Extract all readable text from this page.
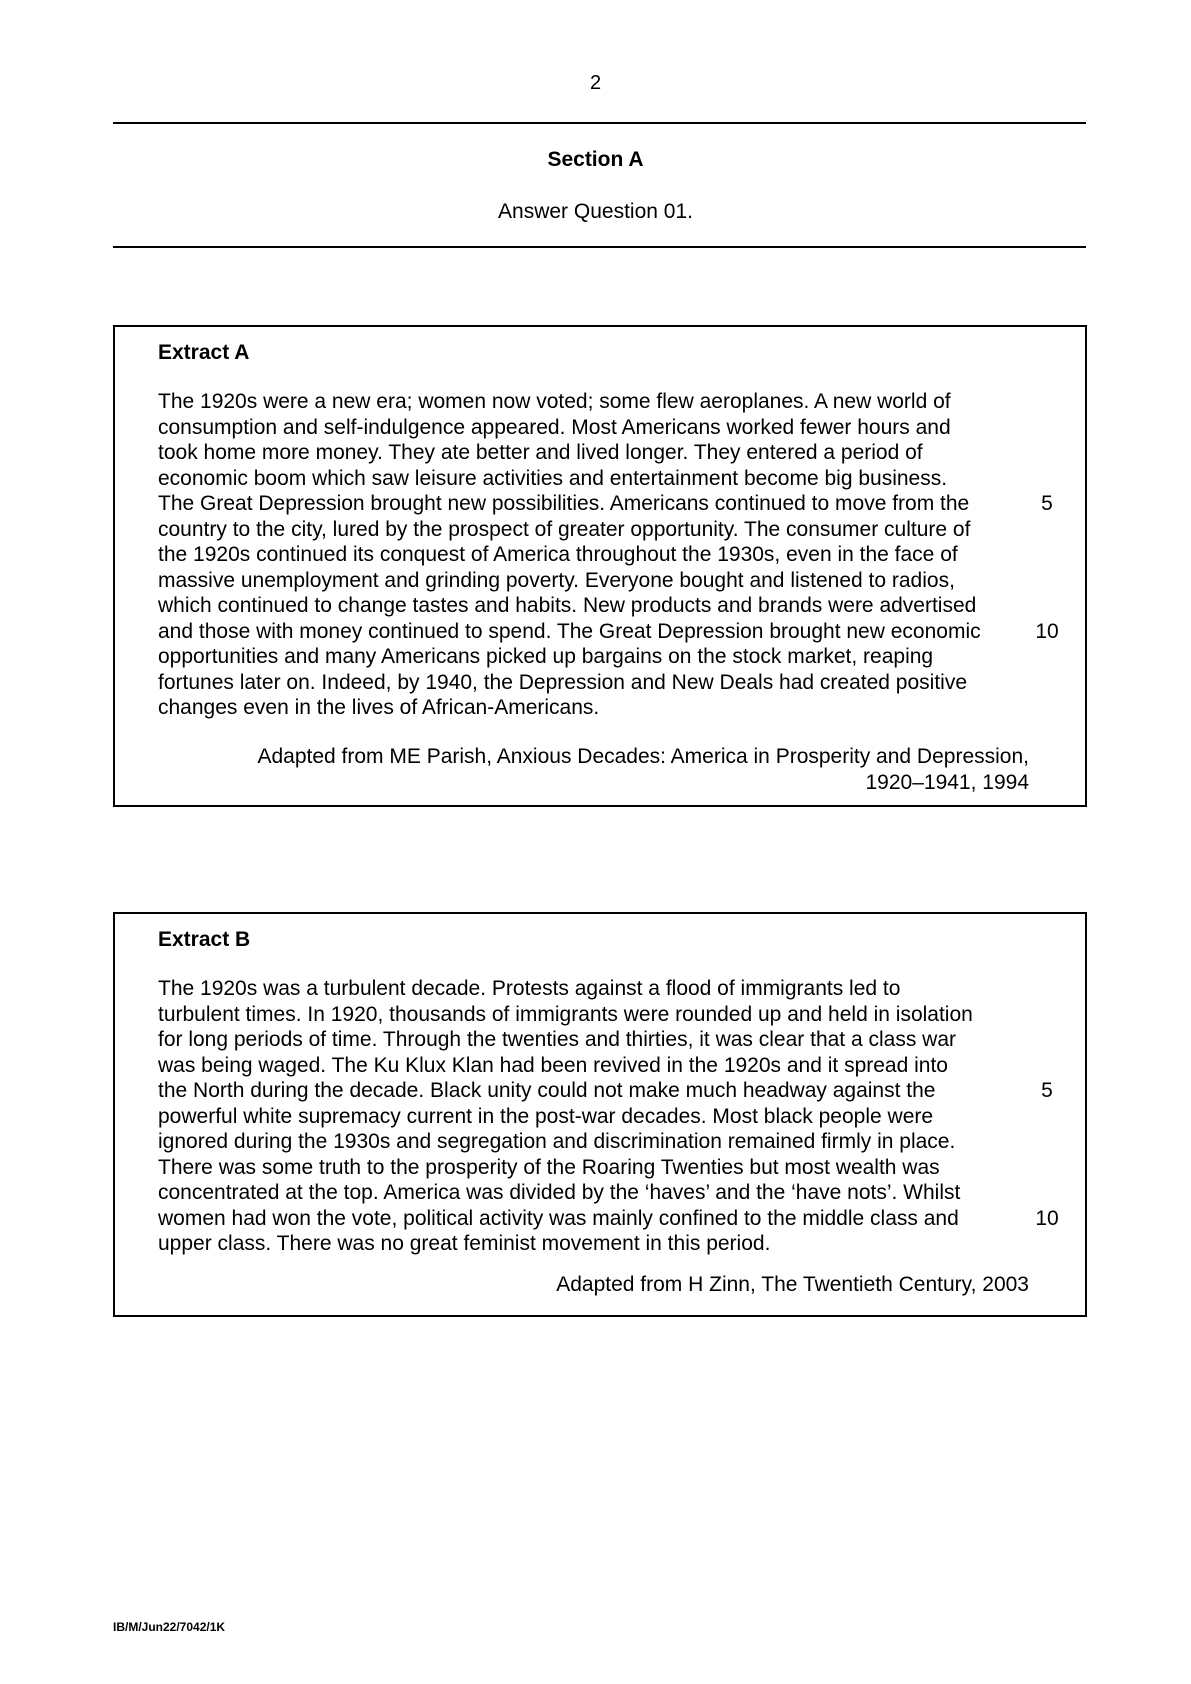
2
Section A
Answer Question 01.
Extract A
The 1920s were a new era; women now voted; some flew aeroplanes. A new world of
consumption and self-indulgence appeared. Most Americans worked fewer hours and
took home more money. They ate better and lived longer. They entered a period of
economic boom which saw leisure activities and entertainment become big business.
The Great Depression brought new possibilities. Americans continued to move from the	5
country to the city, lured by the prospect of greater opportunity. The consumer culture of
the 1920s continued its conquest of America throughout the 1930s, even in the face of
massive unemployment and grinding poverty. Everyone bought and listened to radios,
which continued to change tastes and habits. New products and brands were advertised
and those with money continued to spend. The Great Depression brought new economic	10
opportunities and many Americans picked up bargains on the stock market, reaping
fortunes later on. Indeed, by 1940, the Depression and New Deals had created positive
changes even in the lives of African-Americans.
Adapted from ME Parish, Anxious Decades: America in Prosperity and Depression,
1920–1941, 1994
Extract B
The 1920s was a turbulent decade. Protests against a flood of immigrants led to
turbulent times. In 1920, thousands of immigrants were rounded up and held in isolation
for long periods of time. Through the twenties and thirties, it was clear that a class war
was being waged. The Ku Klux Klan had been revived in the 1920s and it spread into
the North during the decade. Black unity could not make much headway against the	5
powerful white supremacy current in the post-war decades. Most black people were
ignored during the 1930s and segregation and discrimination remained firmly in place.
There was some truth to the prosperity of the Roaring Twenties but most wealth was
concentrated at the top. America was divided by the ‘haves’ and the ‘have nots’. Whilst
women had won the vote, political activity was mainly confined to the middle class and	10
upper class. There was no great feminist movement in this period.
Adapted from H Zinn, The Twentieth Century, 2003
IB/M/Jun22/7042/1K
